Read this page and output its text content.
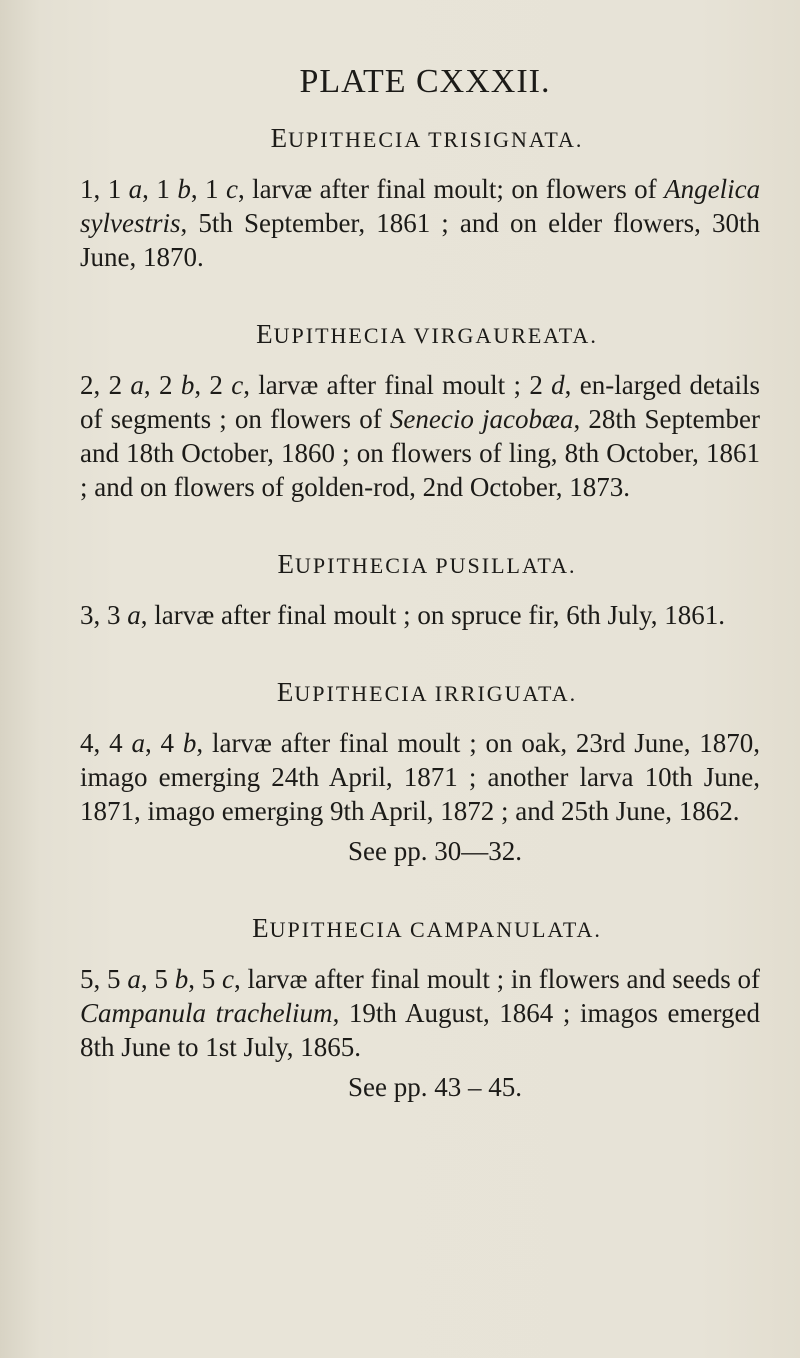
PLATE CXXXII.
EUPITHECIA TRISIGNATA.

1, 1 a, 1 b, 1 c, larvæ after final moult; on flowers of Angelica sylvestris, 5th September, 1861 ; and on elder flowers, 30th June, 1870.

EUPITHECIA VIRGAUREATA.

2, 2 a, 2 b, 2 c, larvæ after final moult ; 2 d, en-larged details of segments ; on flowers of Senecio jacobæa, 28th September and 18th October, 1860 ; on flowers of ling, 8th October, 1861 ; and on flowers of golden-rod, 2nd October, 1873.

EUPITHECIA PUSILLATA.

3, 3 a, larvæ after final moult ; on spruce fir, 6th July, 1861.

EUPITHECIA IRRIGUATA.

4, 4 a, 4 b, larvæ after final moult ; on oak, 23rd June, 1870, imago emerging 24th April, 1871 ; another larva 10th June, 1871, imago emerging 9th April, 1872 ; and 25th June, 1862.

See pp. 30—32.
EUPITHECIA CAMPANULATA.

5, 5 a, 5 b, 5 c, larvæ after final moult ; in flowers and seeds of Campanula trachelium, 19th August, 1864 ; imagos emerged 8th June to 1st July, 1865.

See pp. 43 – 45.
